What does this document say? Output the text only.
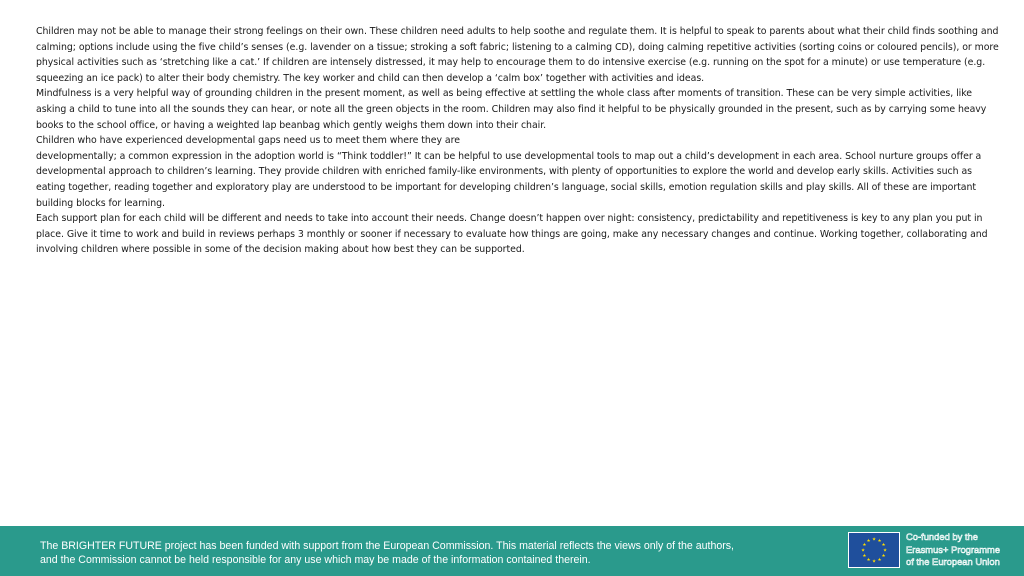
Children may not be able to manage their strong feelings on their own. These children need adults to help soothe and regulate them. It is helpful to speak to parents about what their child finds soothing and calming; options include using the five child’s senses (e.g. lavender on a tissue; stroking a soft fabric; listening to a calming CD), doing calming repetitive activities (sorting coins or coloured pencils), or more physical activities such as ‘stretching like a cat.’ If children are intensely distressed, it may help to encourage them to do intensive exercise (e.g. running on the spot for a minute) or use temperature (e.g. squeezing an ice pack) to alter their body chemistry. The key worker and child can then develop a ‘calm box’ together with activities and ideas.

Mindfulness is a very helpful way of grounding children in the present moment, as well as being effective at settling the whole class after moments of transition. These can be very simple activities, like asking a child to tune into all the sounds they can hear, or note all the green objects in the room. Children may also find it helpful to be physically grounded in the present, such as by carrying some heavy books to the school office, or having a weighted lap beanbag which gently weighs them down into their chair.

Children who have experienced developmental gaps need us to meet them where they are

developmentally; a common expression in the adoption world is “Think toddler!” It can be helpful to use developmental tools to map out a child’s development in each area. School nurture groups offer a developmental approach to children’s learning. They provide children with enriched family-like environments, with plenty of opportunities to explore the world and develop early skills. Activities such as eating together, reading together and exploratory play are understood to be important for developing children’s language, social skills, emotion regulation skills and play skills. All of these are important building blocks for learning.

Each support plan for each child will be different and needs to take into account their needs. Change doesn’t happen over night: consistency, predictability and repetitiveness is key to any plan you put in place. Give it time to work and build in reviews perhaps 3 monthly or sooner if necessary to evaluate how things are going, make any necessary changes and continue. Working together, collaborating and involving children where possible in some of the decision making about how best they can be supported.

The BRIGHTER FUTURE project has been funded with support from the European Commission. This material reflects the views only of the authors,
and the Commission cannot be held responsible for any use which may be made of the information contained therein.
★ ★
★
★
★
★
★
★
★
★
★
★	Co-funded by the
Erasmus+ Programme
of the European Union
